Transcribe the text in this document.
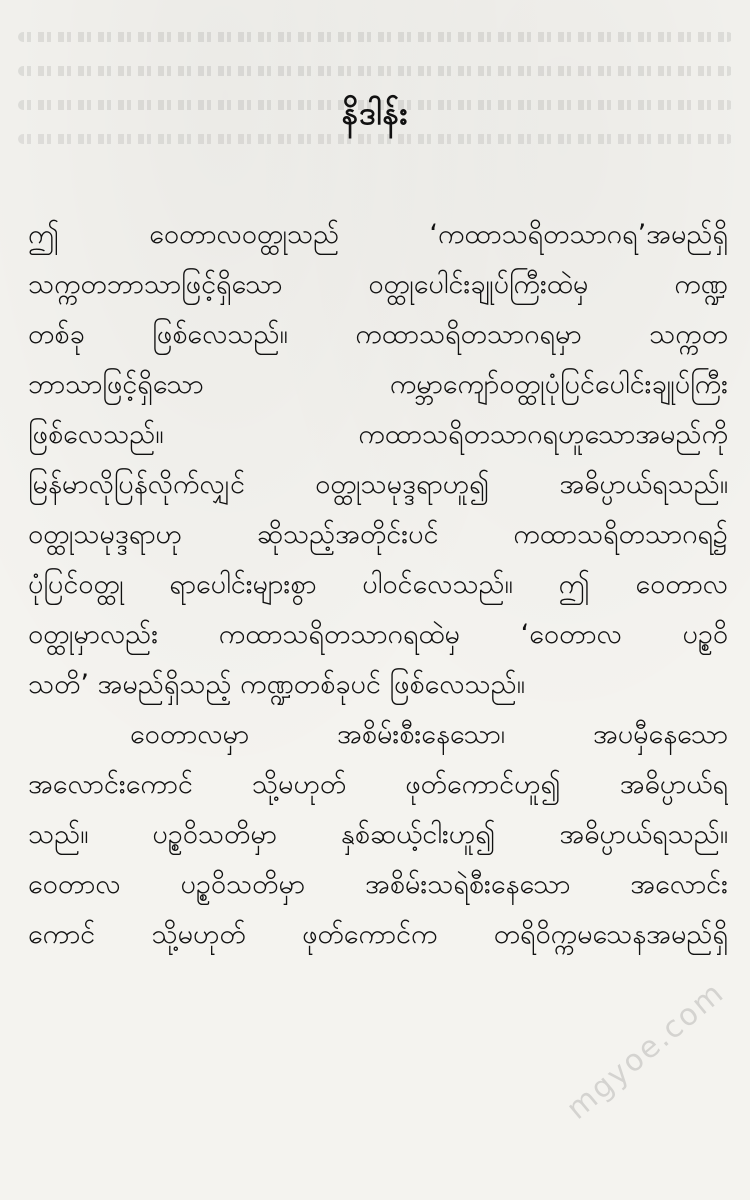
နိဒါန်း
ဤ ဝေတာလဝတ္ထုသည် ‘ကထာသရိတသာဂရ’အမည်ရှိ
သက္ကတဘာသာဖြင့်ရှိသော ဝတ္ထုပေါင်းချုပ်ကြီးထဲမှ ကဏ္ဍ
တစ်ခု ဖြစ်လေသည်။ ကထာသရိတသာဂရမှာ သက္ကတ
ဘာသာဖြင့်ရှိသော ကမ္ဘာကျော်ဝတ္ထုပုံပြင်ပေါင်းချုပ်ကြီး
ဖြစ်လေသည်။ ကထာသရိတသာဂရဟူသောအမည်ကို
မြန်မာလိုပြန်လိုက်လျှင် ဝတ္ထုသမုဒ္ဒရာဟူ၍ အဓိပ္ပာယ်ရသည်။
ဝတ္ထုသမုဒ္ဒရာဟု ဆိုသည့်အတိုင်းပင် ကထာသရိတသာဂရ၌
ပုံပြင်ဝတ္ထု ရာပေါင်းများစွာ ပါဝင်လေသည်။ ဤ ဝေတာလ
ဝတ္ထုမှာလည်း ကထာသရိတသာဂရထဲမှ ‘ဝေတာလ ပဉ္စဝိ
သတိ’ အမည်ရှိသည့် ကဏ္ဍတစ်ခုပင် ဖြစ်လေသည်။
ဝေတာလမှာ အစိမ်းစီးနေသော၊ အပမှီနေသော
အလောင်းကောင် သို့မဟုတ် ဖုတ်ကောင်ဟူ၍ အဓိပ္ပာယ်ရ
သည်။ ပဉ္စဝိသတိမှာ နှစ်ဆယ့်ငါးဟူ၍ အဓိပ္ပာယ်ရသည်။
ဝေတာလ ပဉ္စဝိသတိမှာ အစိမ်းသရဲစီးနေသော အလောင်း
ကောင် သို့မဟုတ် ဖုတ်ကောင်က တရိဝိက္ကမသေနအမည်ရှိ
mgyoe.com
